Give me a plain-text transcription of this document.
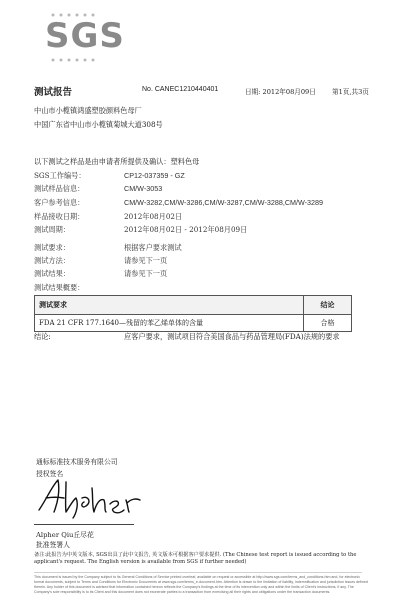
SGS
测试报告	No. CANEC1210440401	日期: 2012年08月09日 第1页,共3页
中山市小榄镇鸿盛塑胶颜料色母厂
中国广东省中山市小榄镇菊城大道308号
以下测试之样品是由申请者所提供及确认：塑料色母
SGS工作编号：	CP12-037359 - GZ
测试样品信息：	CM/W-3053
客户参考信息：	CM/W-3282,CM/W-3286,CM/W-3287,CM/W-3288,CM/W-3289
样品接收日期：	2012年08月02日
测试周期：	2012年08月02日 - 2012年08月09日
测试要求：	根据客户要求测试
测试方法：	请参见下一页
测试结果：	请参见下一页
测试结果概要：
测试要求	结论
FDA 21 CFR 177.1640—残留的苯乙烯单体的含量	合格
结论:	应客户要求，测试项目符合美国食品与药品管理局(FDA)法规的要求
通标标准技术服务有限公司
授权签名
Alpher Qiu丘尽花
批准签署人
备注:此报告为中英文版本, SGS出具了此中文报告, 英文版本可根据客户要求提供. (The Chinese test report is issued according to the applicant's request. The English version is available from SGS if further needed)
This document is issued by the Company subject to its General Conditions of Service printed overleaf, available on request or accessible at http://www.sgs.com/terms_and_conditions.htm and, for electronic format documents, subject to Terms and Conditions for Electronic Documents at www.sgs.com/terms_e-document.htm. Attention is drawn to the limitation of liability, indemnification and jurisdiction issues defined therein. Any holder of this document is advised that information contained hereon reflects the Company's findings at the time of its intervention only and within the limits of Client's instructions, if any. The Company's sole responsibility is to its Client and this document does not exonerate parties to a transaction from exercising all their rights and obligations under the transaction documents.
